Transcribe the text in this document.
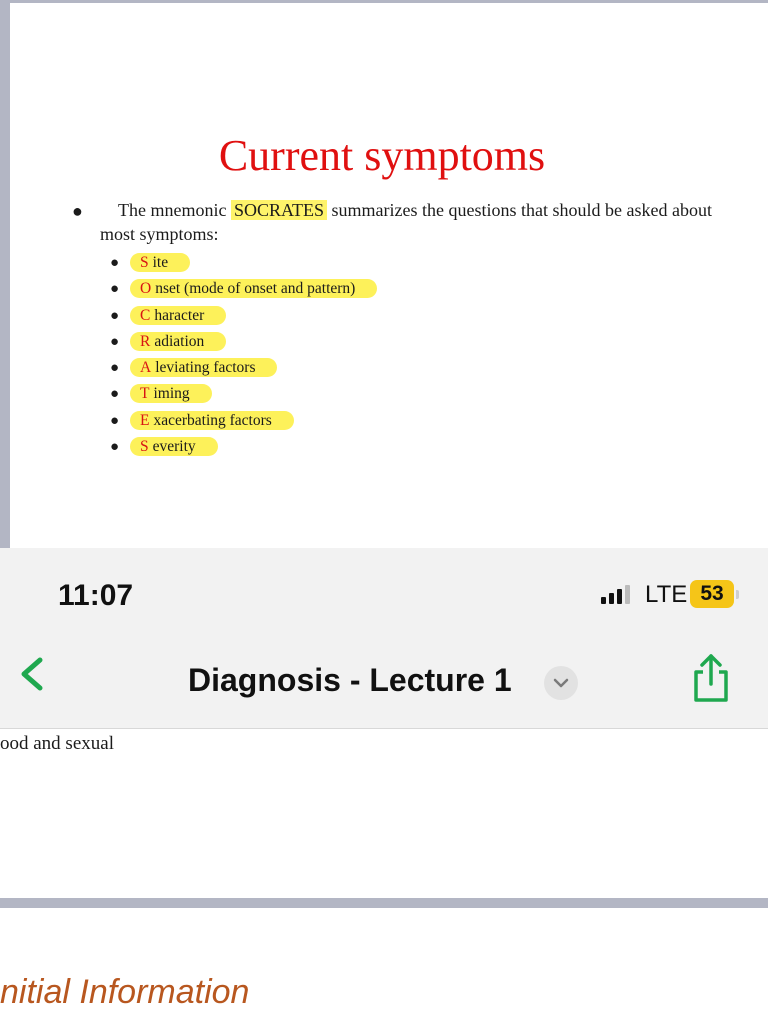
Current symptoms
●	The mnemonic SOCRATES summarizes the questions that should be asked about most symptoms:
● S ite
● O nset (mode of onset and pattern)
● C haracter
● R adiation
● A leviating factors
● T iming
● E xacerbating factors
● S everity
11:07	LTE 53
Diagnosis - Lecture 1
ood and sexual
nitial Information
